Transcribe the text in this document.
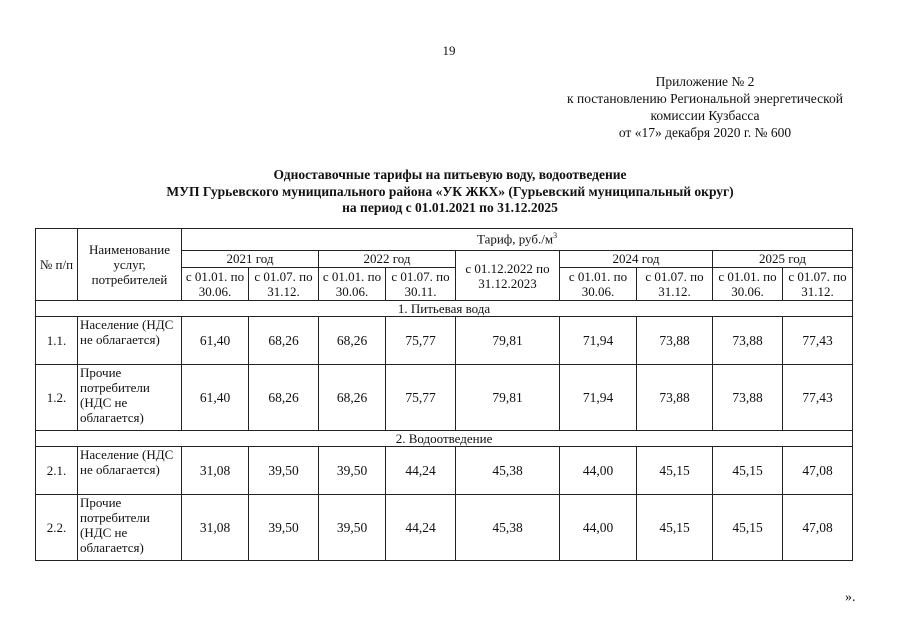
19
Приложение № 2
к постановлению Региональной энергетической
комиссии Кузбасса
от «17» декабря 2020 г. № 600
Одноставочные тарифы на питьевую воду, водоотведение
МУП Гурьевского муниципального района «УК ЖКХ» (Гурьевский муниципальный округ)
на период с 01.01.2021 по 31.12.2025
№ п/п	Наименование услуг, потребителей	Тариф, $руб./м^3$
		2021 год		2022 год		с 01.12.2022 по 31.12.2023	2024 год		2025 год	
		с 01.01. по 30.06.	с 01.07. по 31.12.	с 01.01. по 30.06.	с 01.07. по 30.11.		с 01.01. по 30.06.	с 01.07. по 31.12.	с 01.01. по 30.06.	с 01.07. по 31.12.
1. Питьевая вода										
1.1.	Население (НДС не облагается)	61,40	68,26	68,26	75,77	79,81	71,94	73,88	73,88	77,43
1.2.	Прочие потребители (НДС не облагается)	61,40	68,26	68,26	75,77	79,81	71,94	73,88	73,88	77,43
2. Водоотведение										
2.1.	Население (НДС не облагается)	31,08	39,50	39,50	44,24	45,38	44,00	45,15	45,15	47,08
2.2.	Прочие потребители (НДС не облагается)	31,08	39,50	39,50	44,24	45,38	44,00	45,15	45,15	47,08
».
